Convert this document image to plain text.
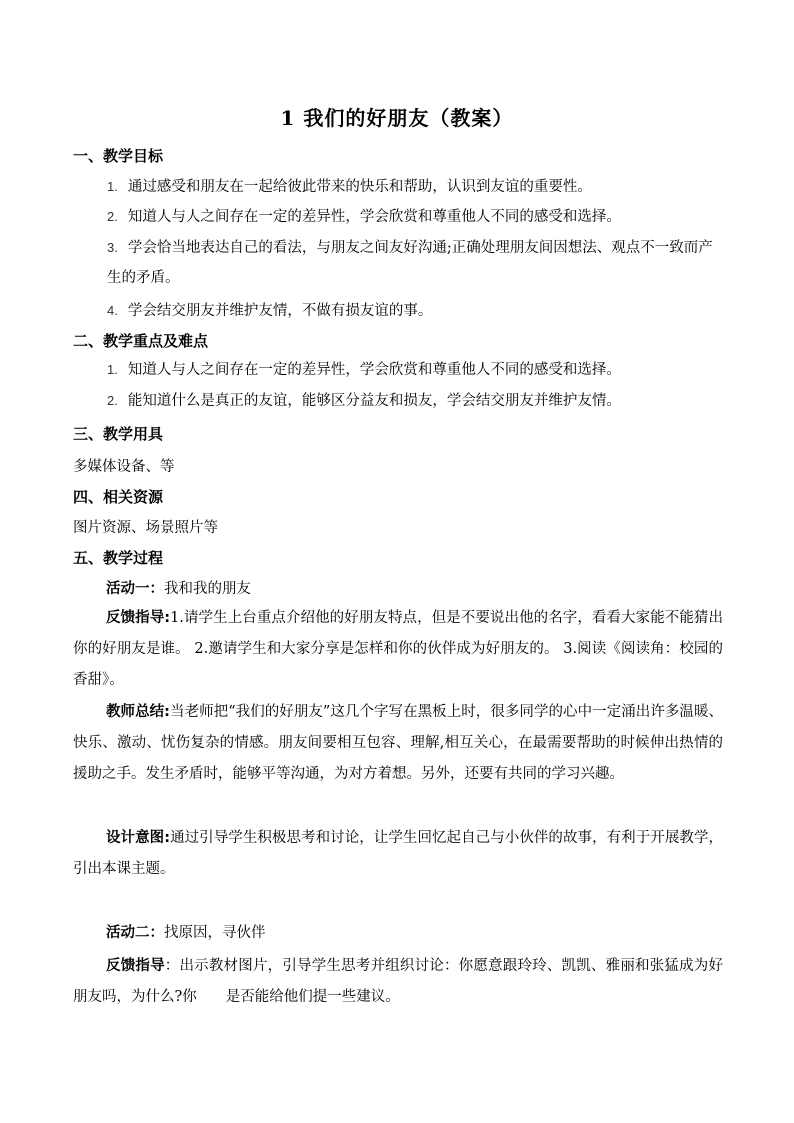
1 我们的好朋友（教案）
一、教学目标
1. 通过感受和朋友在一起给彼此带来的快乐和帮助，认识到友谊的重要性。
2. 知道人与人之间存在一定的差异性，学会欣赏和尊重他人不同的感受和选择。
3. 学会恰当地表达自己的看法，与朋友之间友好沟通;正确处理朋友间因想法、观点不一致而产生的矛盾。
4. 学会结交朋友并维护友情，不做有损友谊的事。
二、教学重点及难点
1. 知道人与人之间存在一定的差异性，学会欣赏和尊重他人不同的感受和选择。
2. 能知道什么是真正的友谊，能够区分益友和损友，学会结交朋友并维护友情。
三、教学用具
多媒体设备、等
四、相关资源
图片资源、场景照片等
五、教学过程
活动一：我和我的朋友
反馈指导:1.请学生上台重点介绍他的好朋友特点，但是不要说出他的名字，看看大家能不能猜出你的好朋友是谁。 2.邀请学生和大家分享是怎样和你的伙伴成为好朋友的。 3.阅读《阅读角：校园的香甜》。
教师总结:当老师把“我们的好朋友”这几个字写在黑板上时，很多同学的心中一定涌出许多温暖、快乐、激动、忧伤复杂的情感。朋友间要相互包容、理解,相互关心，在最需要帮助的时候伸出热情的援助之手。发生矛盾时，能够平等沟通，为对方着想。另外，还要有共同的学习兴趣。
设计意图:通过引导学生积极思考和讨论，让学生回忆起自己与小伙伴的故事，有利于开展教学，引出本课主题。
活动二：找原因，寻伙伴
反馈指导：出示教材图片，引导学生思考并组织讨论：你愿意跟玲玲、凯凯、雅丽和张猛成为好朋友吗，为什么?你　　是否能给他们提一些建议。
